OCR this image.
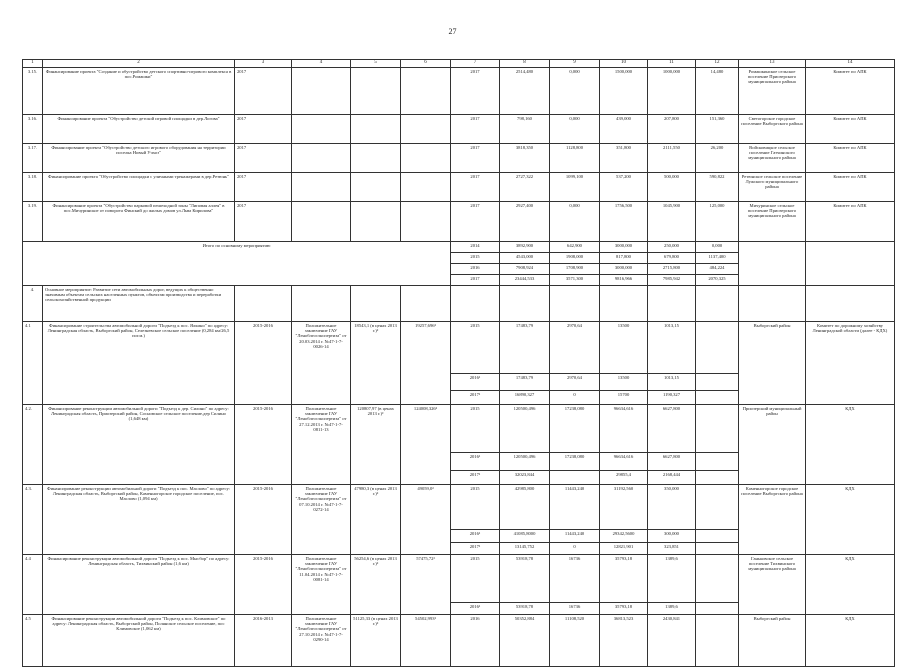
27
1	2	3	4	5	6	7	8	9	10	11	12	13	14
3.15.	Финансирование проекта "Создание и обустройство детского спортивно-игрового комплекса в пос.Ромашки"	2017				2017	2514,480	0,000	1500,000	1000,000	14,480	Ромашкинское сельское поселение Приозерского муниципального района	Комитет по АПК
3.16.	Финансирование проекта "Обустройство детской игровой площадки в дер.Логова"	2017				2017	798,160	0,000	439,000	207,800	151,360	Светогорское городское поселение Выборгского района	Комитет по АПК
3.17.	Финансирование проекта "Обустройство детского игрового оборудования на территории поселка Новый Учхоз"	2017				2017	3818,350	1128,800	351,800	2111,550	26,200	Войсковицкое сельское поселение Гатчинского муниципального района	Комитет по АПК
3.18.	Финансирование проекта "Обустройство площадки с уличными тренажерами в дер.Ретюнь"	2017				2017	2727,322	1099,100	537,200	500,000	590,822	Ретюнское сельское поселение Лужского муниципального района	Комитет по АПК
3.19.	Финансирование проекта "Обустройство парковой пешеходной зоны "Липовая аллея" в пос.Мичуринское от поворота Финский до жилых домов ул.Льва Кирилова"	2017				2017	2927,400	0,000	1756,500	1045,900	125,000	Мичуринское сельское поселение Приозерского муниципального района	Комитет по АПК
Итого по основному мероприятию						2014	3892,900	642,900	3000,000	250,000	0,000		
						2015	4543,000	1908,000	817,800	679,800	1137,400		
						2016	7908,924	1708,900	3000,000	2715,800	484,224		
						2017	23444,533	3571,300	9816,966	7985,942	2070,325		
4.	Основное мероприятие: Развитие сети автомобильных дорог, ведущих к общественно значимым объектам сельских населенных пунктов, объектам производства и переработки сельскохозяйственной продукции												
4.1	Финансирование строительства автомобильной дороги "Подъезд к пос. Ялкино" по адресу: Ленинградская область, Выборгский район, Селезневское сельское поселение (0,284 км/26,5 пог.м.)	2015-2016	Положительное заключение ГАУ "Леноблгосэкспертиза" от 20.03.2014 г. №47-1-7-0026-14	18543,1 (в ценах 2013 г.)³	19257,696³	2015	17483,79	2970,64	13500	1013,15		Выборгский район	Комитет по дорожному хозяйству Ленинградской области (далее - КДХ)
						2016¹	17483,79	2970,64	13500	1013,15			
						2017¹	16890,327	0	15700	1190,327			
4.2.	Финансирование реконструкции автомобильной дороги "Подъезд к дер. Силино" по адресу: Ленинградская область, Приозерский район, Сосновское сельское поселение,дер Силино (1,648 км)	2015-2016	Положительное заключение ГАУ "Леноблгосэкспертиза" от 27.12.2013 г. №47-1-7-0811-13	120807,97 (в ценах 2013 г.)³	124008,326³	2015	120500,496	17238,080	96634,616	6627,800		Приозерский муниципальный район	КДХ
						2016¹	120500,496	17238,080	96634,616	6627,800			
						2017¹	32023,844		29855,4	2168,444			
4.3.	Финансирование реконструкции автомобильной дороги "Подъезд к пос. Маслово" по адресу: Ленинградская область, Выборгский район, Каменногорское городское поселение, пос. Маслово (1,094 км)	2015-2016	Положительное заключение ГАУ "Леноблгосэкспертиза" от 07.10.2014 г. №47-1-7-0272-14	47980,3 (в ценах 2013 г.)³	49059,0³	2015	42985,800	11443,240	31192,560	350,000		Каменногорское городское поселение Выборгского района	КДХ
						2016¹	41085,8000	11443,240	29342,5600	300,000			
						2017¹	13145,752	0	12821,901	323,851			
4.4	Финансирование реконструкции автомобильной дороги "Подъезд к пос. Мысбор" по адресу: Ленинградская область, Тихвинский район (1,6 км)	2015-2016	Положительное заключение ГАУ "Леноблгосэкспертиза" от 11.04.2014 г. №47-1-7-0081-14	56254,6 (в ценах 2013 г.)³	57475,72³	2015	53918,78	16736	35793,18	1389,6		Ганьковское сельское поселение Тихвинского муниципального района	КДХ
						2016¹	53918,78	16736	35793,18	1389,6			
4.5	Финансирование реконструкции автомобильной дороги "Подъезд к пос. Климовское" по адресу: Ленинградская область, Выборгский район, Полянское сельское поселение, пос Климовское (1,062 км)	2016-2013	Положительное заключение ГАУ "Леноблгосэкспертиза" от 27.10.2014 г. №47-1-7-0290-14	51125,33 (в ценах 2013 г.)³	54502,993³	2016	50352,884	11108,520	36813,523	2430,841		Выборгский район	КДХ
